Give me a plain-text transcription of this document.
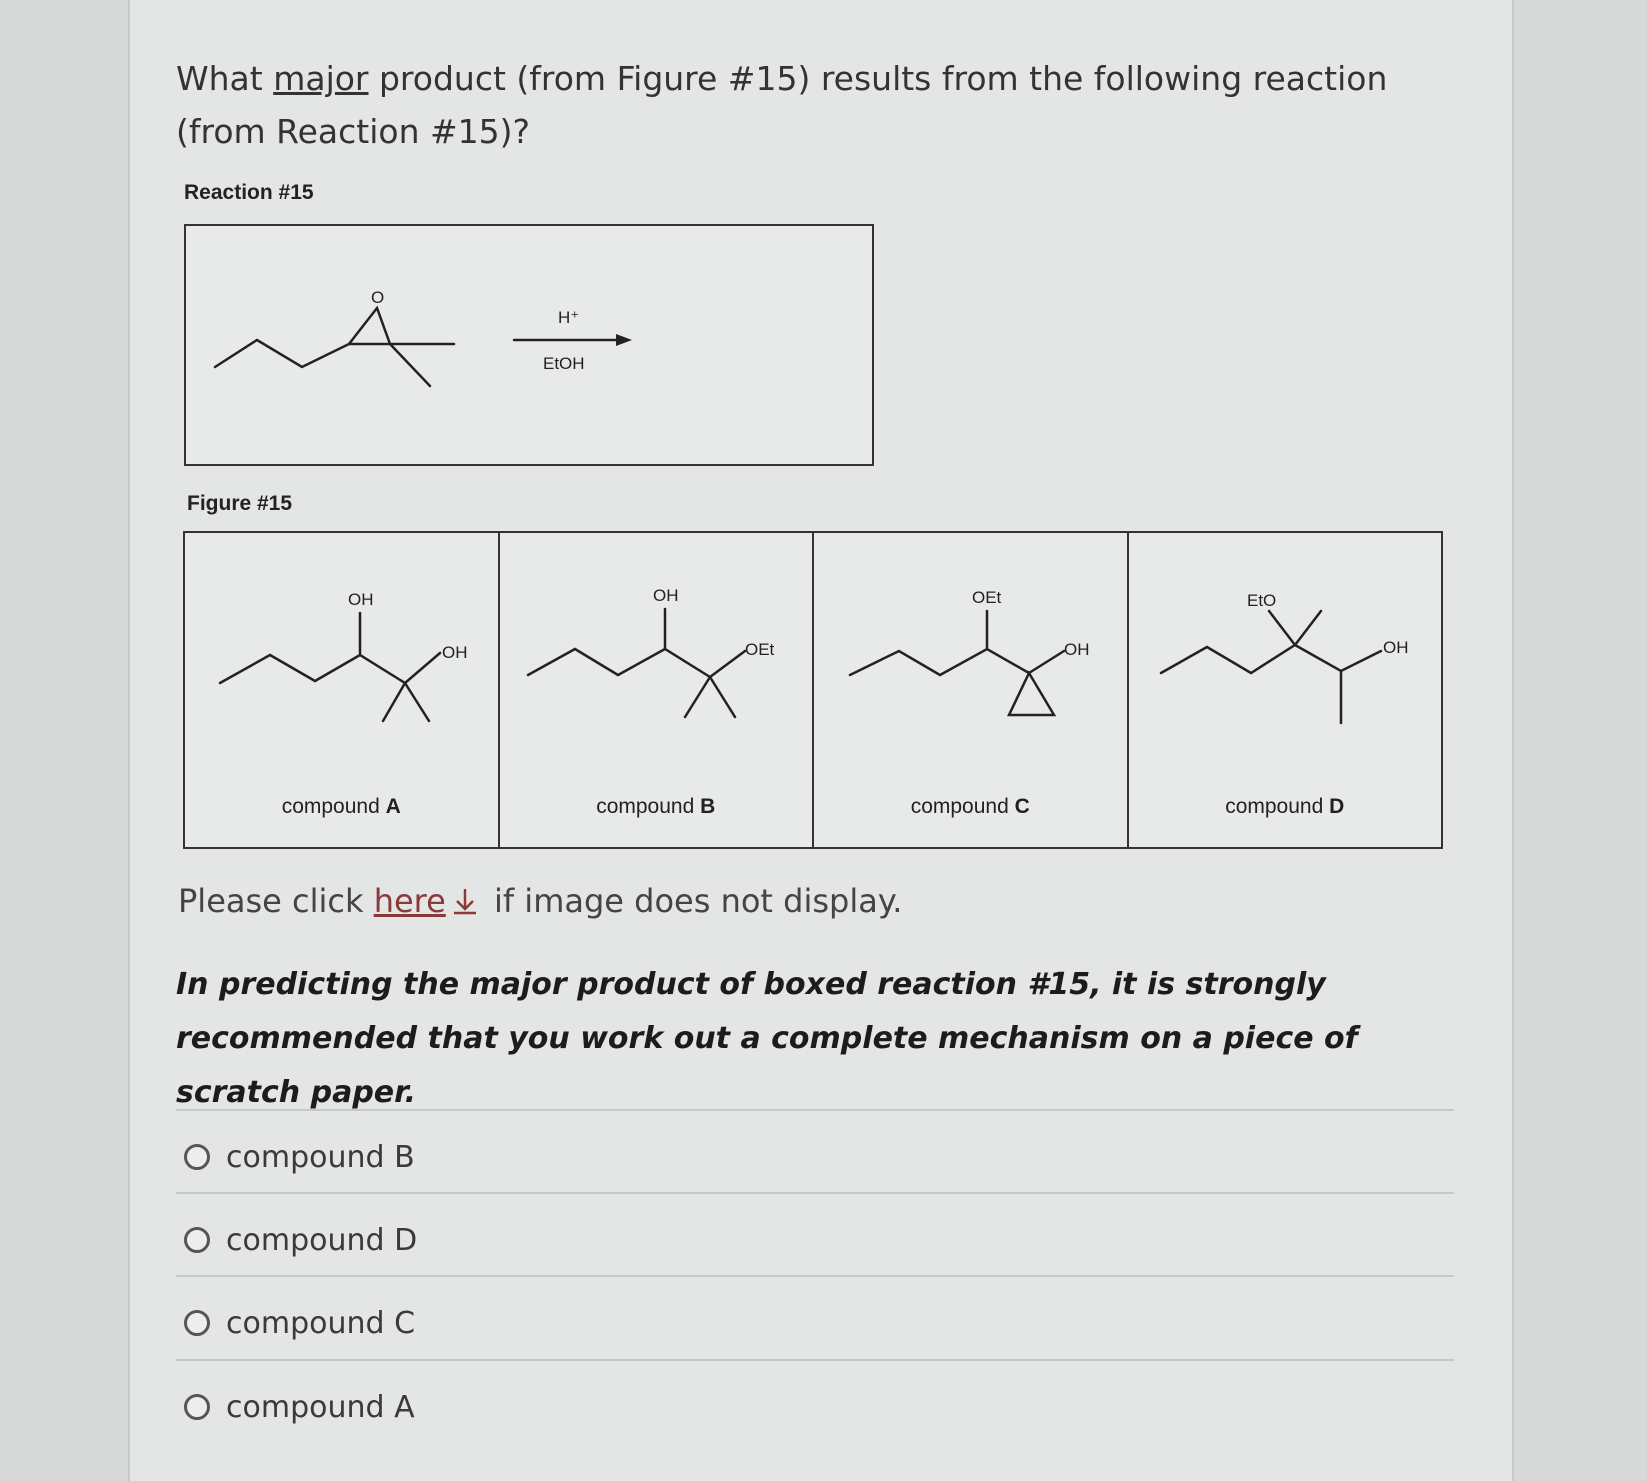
What major product (from Figure #15) results from the following reaction (from Reaction #15)?
Reaction #15
O
H⁺
EtOH
Figure #15
OH
OH
compound A
OH
OEt
compound B
OEt
OH
compound C
EtO
OH
compound D
Please click here if image does not display.
In predicting the major product of boxed reaction #15, it is strongly recommended that you work out a complete mechanism on a piece of scratch paper.
compound B
compound D
compound C
compound A
